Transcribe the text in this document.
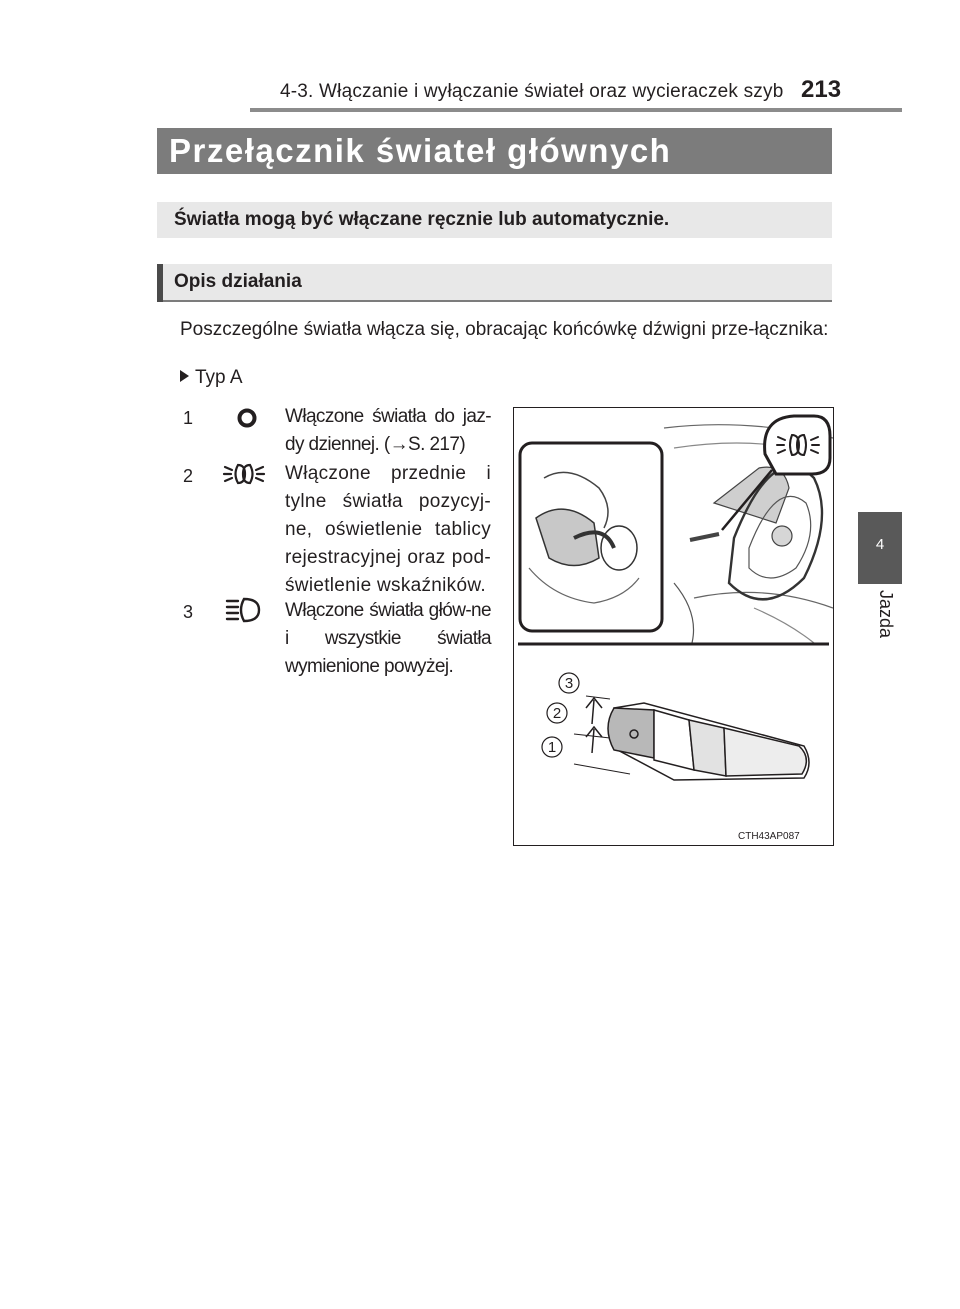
4-3. Włączanie i wyłączanie świateł oraz wycieraczek szyb 213
4
Jazda
Przełącznik świateł głównych
Światła mogą być włączane ręcznie lub automatycznie.
Opis działania
Poszczególne światła włącza się, obracając końcówkę dźwigni prze-łącznika:
Typ A
1	Włączone światła do jaz-dy dziennej. (→S. 217)
2	Włączone przednie i tylne światła pozycyj-ne, oświetlenie tablicy rejestracyjnej oraz pod-świetlenie wskaźników.
3	Włączone światła głów-ne i wszystkie światła wymienione powyżej.
3
2
1
CTH43AP087
